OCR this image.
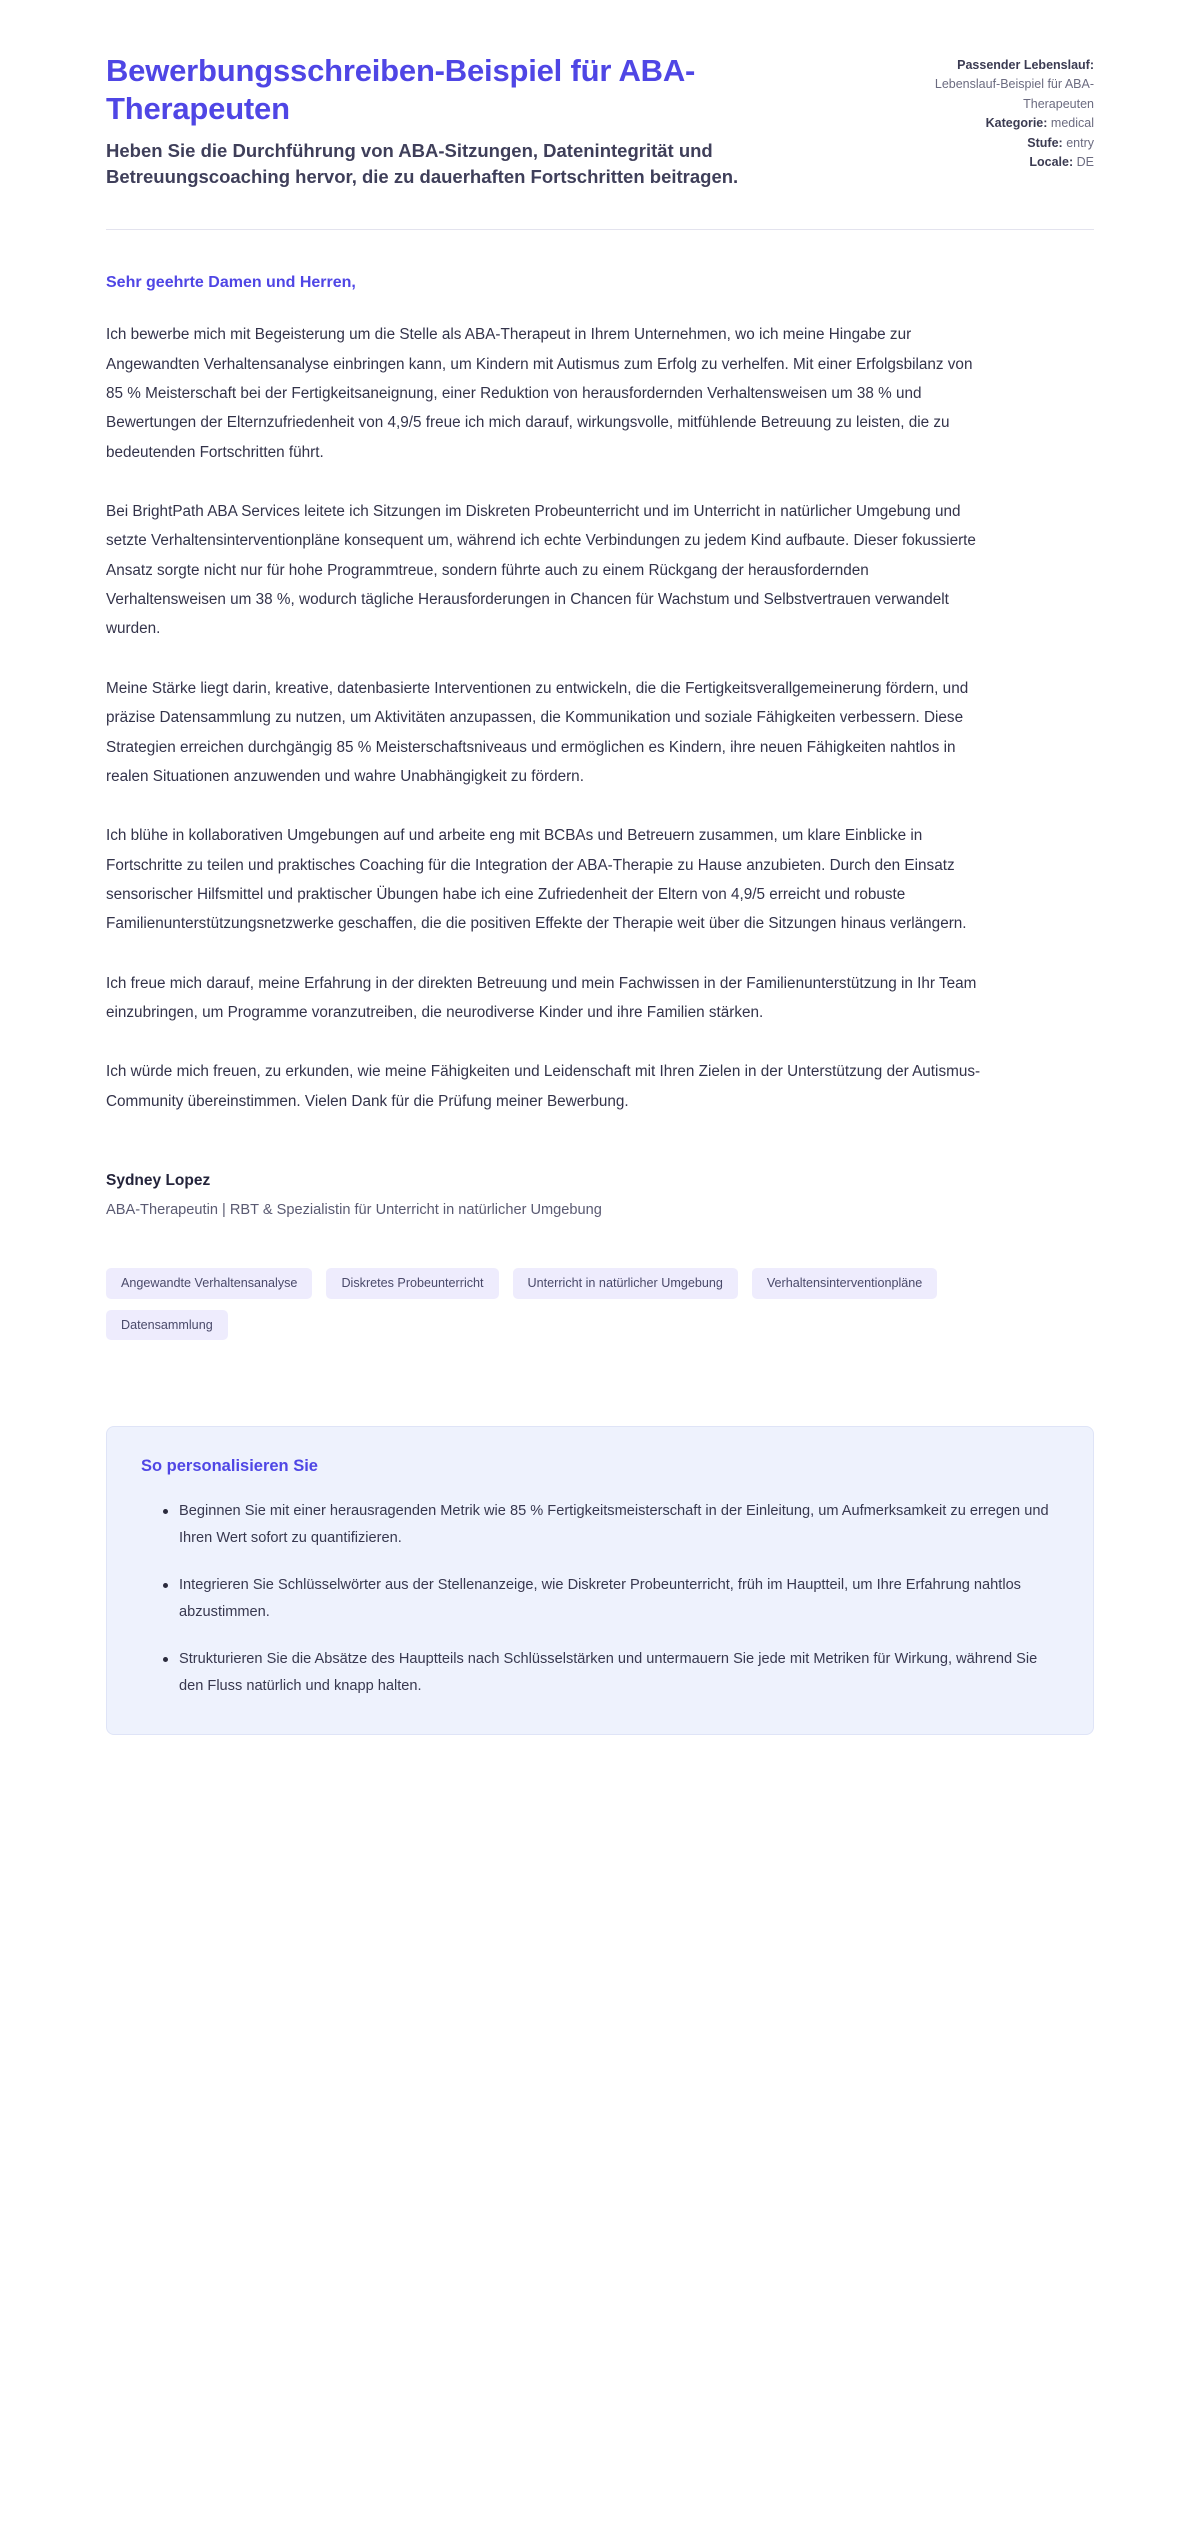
Bewerbungsschreiben-Beispiel für ABA-Therapeuten

Heben Sie die Durchführung von ABA-Sitzungen, Datenintegrität und Betreuungscoaching hervor, die zu dauerhaften Fortschritten beitragen.

Passender Lebenslauf:
Lebenslauf-Beispiel für ABA-Therapeuten
Kategorie: medical
Stufe: entry
Locale: DE

Sehr geehrte Damen und Herren,

Ich bewerbe mich mit Begeisterung um die Stelle als ABA-Therapeut in Ihrem Unternehmen, wo ich meine Hingabe zur Angewandten Verhaltensanalyse einbringen kann, um Kindern mit Autismus zum Erfolg zu verhelfen. Mit einer Erfolgsbilanz von 85 % Meisterschaft bei der Fertigkeitsaneignung, einer Reduktion von herausfordernden Verhaltensweisen um 38 % und Bewertungen der Elternzufriedenheit von 4,9/5 freue ich mich darauf, wirkungsvolle, mitfühlende Betreuung zu leisten, die zu bedeutenden Fortschritten führt.

Bei BrightPath ABA Services leitete ich Sitzungen im Diskreten Probeunterricht und im Unterricht in natürlicher Umgebung und setzte Verhaltensinterventionpläne konsequent um, während ich echte Verbindungen zu jedem Kind aufbaute. Dieser fokussierte Ansatz sorgte nicht nur für hohe Programmtreue, sondern führte auch zu einem Rückgang der herausfordernden Verhaltensweisen um 38 %, wodurch tägliche Herausforderungen in Chancen für Wachstum und Selbstvertrauen verwandelt wurden.

Meine Stärke liegt darin, kreative, datenbasierte Interventionen zu entwickeln, die die Fertigkeitsverallgemeinerung fördern, und präzise Datensammlung zu nutzen, um Aktivitäten anzupassen, die Kommunikation und soziale Fähigkeiten verbessern. Diese Strategien erreichen durchgängig 85 % Meisterschaftsniveaus und ermöglichen es Kindern, ihre neuen Fähigkeiten nahtlos in realen Situationen anzuwenden und wahre Unabhängigkeit zu fördern.

Ich blühe in kollaborativen Umgebungen auf und arbeite eng mit BCBAs und Betreuern zusammen, um klare Einblicke in Fortschritte zu teilen und praktisches Coaching für die Integration der ABA-Therapie zu Hause anzubieten. Durch den Einsatz sensorischer Hilfsmittel und praktischer Übungen habe ich eine Zufriedenheit der Eltern von 4,9/5 erreicht und robuste Familienunterstützungsnetzwerke geschaffen, die die positiven Effekte der Therapie weit über die Sitzungen hinaus verlängern.

Ich freue mich darauf, meine Erfahrung in der direkten Betreuung und mein Fachwissen in der Familienunterstützung in Ihr Team einzubringen, um Programme voranzutreiben, die neurodiverse Kinder und ihre Familien stärken.

Ich würde mich freuen, zu erkunden, wie meine Fähigkeiten und Leidenschaft mit Ihren Zielen in der Unterstützung der Autismus-Community übereinstimmen. Vielen Dank für die Prüfung meiner Bewerbung.

Sydney Lopez

ABA-Therapeutin | RBT & Spezialistin für Unterricht in natürlicher Umgebung

Angewandte Verhaltensanalyse	Diskretes Probeunterricht	Unterricht in natürlicher Umgebung	Verhaltensinterventionpläne
Datensammlung
So personalisieren Sie
Beginnen Sie mit einer herausragenden Metrik wie 85 % Fertigkeitsmeisterschaft in der Einleitung, um Aufmerksamkeit zu erregen und Ihren Wert sofort zu quantifizieren.
Integrieren Sie Schlüsselwörter aus der Stellenanzeige, wie Diskreter Probeunterricht, früh im Hauptteil, um Ihre Erfahrung nahtlos abzustimmen.
Strukturieren Sie die Absätze des Hauptteils nach Schlüsselstärken und untermauern Sie jede mit Metriken für Wirkung, während Sie den Fluss natürlich und knapp halten.
